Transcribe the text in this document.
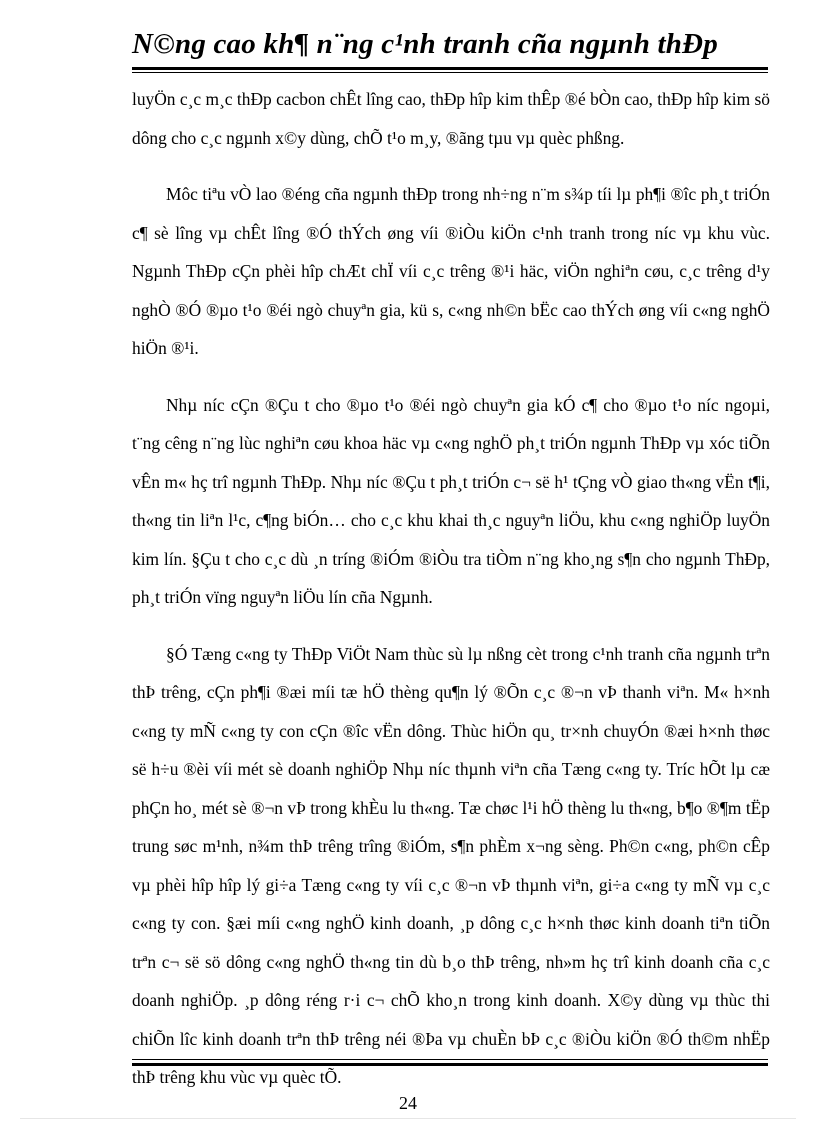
N©ng cao kh¶ n¨ng c¹nh tranh cña ngµnh thÐp

luyÖn c¸c m¸c thÐp cacbon chÊt lîng cao, thÐp hîp kim thÊp ®é bÒn cao, thÐp hîp kim sö dông cho c¸c ngµnh x©y dùng, chÕ t¹o m¸y, ®ãng tµu vµ quèc phßng.

Môc tiªu vÒ lao ®éng cña ngµnh thÐp trong nh÷ng n¨m s¾p tíi lµ ph¶i ®îc ph¸t triÓn c¶ sè lîng vµ chÊt lîng ®Ó thÝch øng víi ®iÒu kiÖn c¹nh tranh trong níc vµ khu vùc. Ngµnh ThÐp cÇn phèi hîp chÆt chÏ víi c¸c trêng ®¹i häc, viÖn nghiªn cøu, c¸c trêng d¹y nghÒ ®Ó ®µo t¹o ®éi ngò chuyªn gia, kü s, c«ng nh©n bËc cao thÝch øng víi c«ng nghÖ hiÖn ®¹i.

Nhµ níc cÇn ®Çu t cho ®µo t¹o ®éi ngò chuyªn gia kÓ c¶ cho ®µo t¹o níc ngoµi, t¨ng cêng n¨ng lùc nghiªn cøu khoa häc vµ c«ng nghÖ ph¸t triÓn ngµnh ThÐp vµ xóc tiÕn vÊn m« hç trî ngµnh ThÐp. Nhµ níc ®Çu t ph¸t triÓn c¬ së h¹ tÇng vÒ giao th«ng vËn t¶i, th«ng tin liªn l¹c, c¶ng biÓn… cho c¸c khu khai th¸c nguyªn liÖu, khu c«ng nghiÖp luyÖn kim lín. §Çu t cho c¸c dù ¸n tríng ®iÓm ®iÒu tra tiÒm n¨ng kho¸ng s¶n cho ngµnh ThÐp, ph¸t triÓn vïng nguyªn liÖu lín cña Ngµnh.

§Ó Tæng c«ng ty ThÐp ViÖt Nam thùc sù lµ nßng cèt trong c¹nh tranh cña ngµnh trªn thÞ trêng, cÇn ph¶i ®æi míi tæ hÖ thèng qu¶n lý ®Õn c¸c ®¬n vÞ thanh viªn. M« h×nh c«ng ty mÑ c«ng ty con cÇn ®îc vËn dông. Thùc hiÖn qu¸ tr×nh chuyÓn ®æi h×nh thøc së h÷u ®èi víi mét sè doanh nghiÖp Nhµ níc thµnh viªn cña Tæng c«ng ty. Tríc hÕt lµ cæ phÇn ho¸ mét sè ®¬n vÞ trong khÈu lu th«ng. Tæ chøc l¹i hÖ thèng lu th«ng, b¶o ®¶m tËp trung søc m¹nh, n¾m thÞ trêng trîng ®iÓm, s¶n phÈm x¬ng sèng. Ph©n c«ng, ph©n cÊp vµ phèi hîp hîp lý gi÷a Tæng c«ng ty víi c¸c ®¬n vÞ thµnh viªn, gi÷a c«ng ty mÑ vµ c¸c c«ng ty con. §æi míi c«ng nghÖ kinh doanh, ¸p dông c¸c h×nh thøc kinh doanh tiªn tiÕn trªn c¬ së sö dông c«ng nghÖ th«ng tin dù b¸o thÞ trêng, nh»m hç trî kinh doanh cña c¸c doanh nghiÖp. ¸p dông réng r·i c¬ chÕ kho¸n trong kinh doanh. X©y dùng vµ thùc thi chiÕn lîc kinh doanh trªn thÞ trêng néi ®Þa vµ chuÈn bÞ c¸c ®iÒu kiÖn ®Ó th©m nhËp thÞ trêng khu vùc vµ quèc tÕ.

24
